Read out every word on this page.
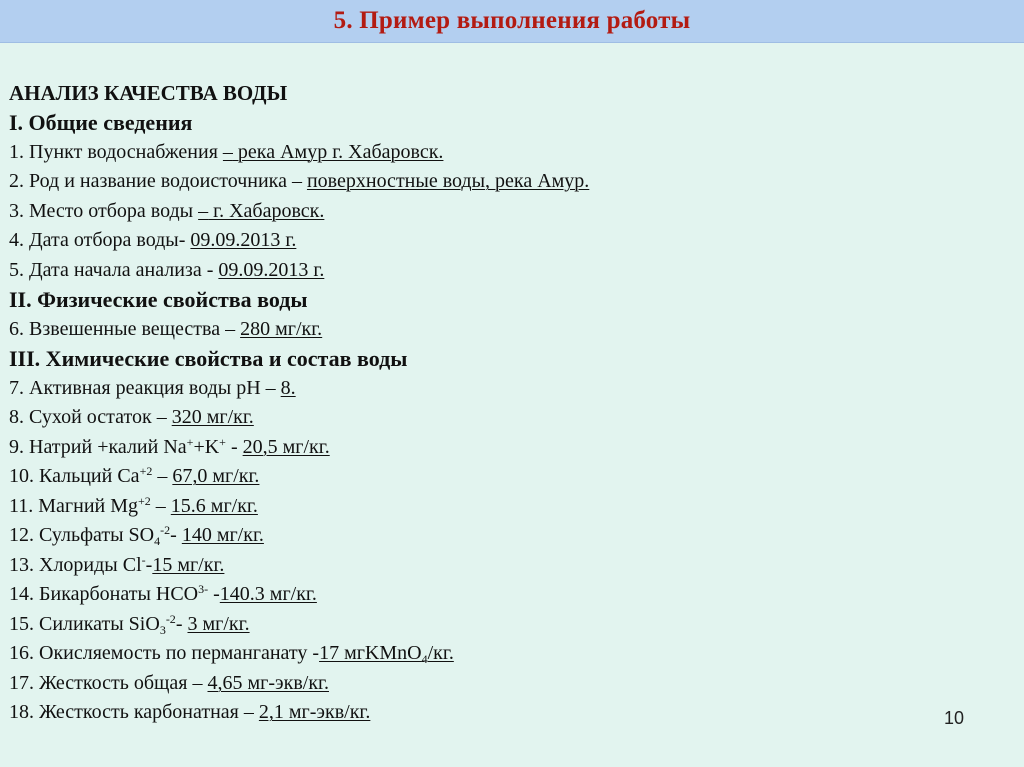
5. Пример выполнения работы
АНАЛИЗ КАЧЕСТВА ВОДЫ
I. Общие сведения
1. Пункт водоснабжения – река Амур г. Хабаровск.
2. Род и название водоисточника – поверхностные воды, река Амур.
3. Место отбора воды – г. Хабаровск.
4. Дата отбора воды- 09.09.2013 г.
5. Дата начала анализа - 09.09.2013 г.
II. Физические свойства воды
6. Взвешенные вещества – 280 мг/кг.
III. Химические свойства и состав воды
7. Активная реакция воды pH – 8.
8. Сухой остаток – 320 мг/кг.
9. Натрий +калий Na++K+ - 20,5 мг/кг.
10. Кальций $Ca^{+2} - 67,0$ мг/кг.
11. Магний $Mg^{+2} - 15.6$ мг/кг.
12. Сульфаты $SO_4^{-2}-$ 140 мг/кг.
13. Хлориды Cl--15 мг/кг.
14. Бикарбонаты $HCO^{3-}$ -140.3 мг/кг.
15. Силикаты SiO$_3^{-2}$- 3 мг/кг.
16. Окисляемость по перманганату -17 мгKMnO$_4$/кг.
17. Жесткость общая – 4,65 мг-экв/кг.
18. Жесткость карбонатная – 2,1 мг-экв/кг.	10
